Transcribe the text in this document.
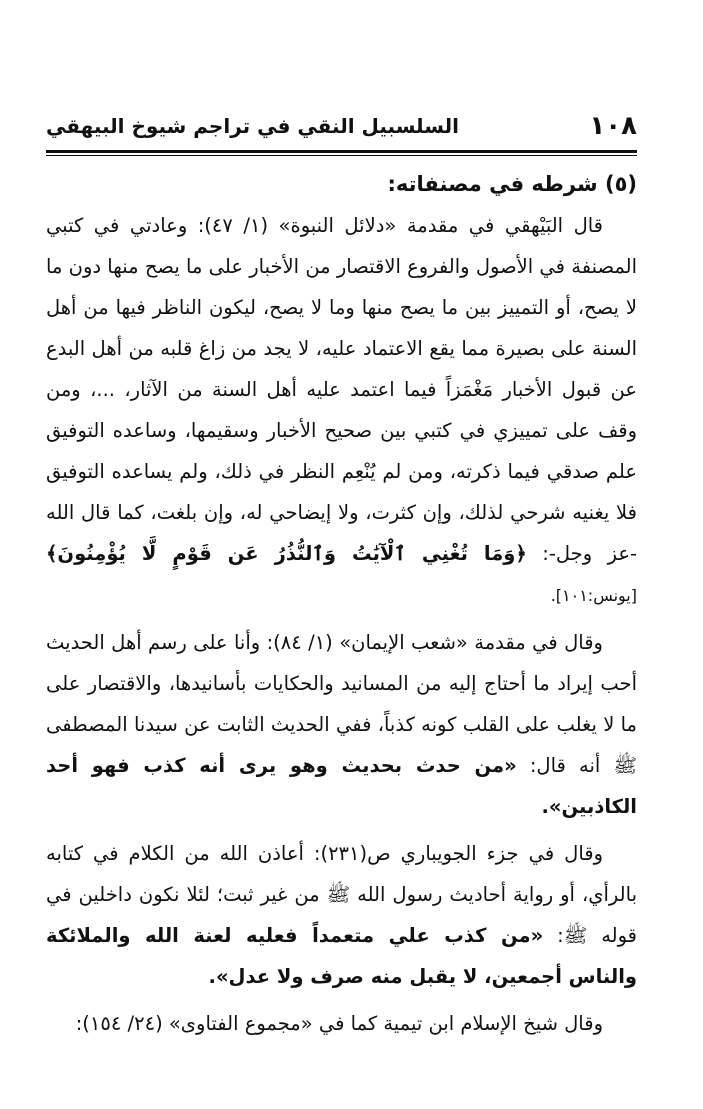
السلسبيل النقي في تراجم شيوخ البيهقي	١٠٨

(٥) شرطه في مصنفاته:

قال البَيْهقي في مقدمة «دلائل النبوة» (١/ ٤٧): وعادتي في كتبي المصنفة في الأصول والفروع الاقتصار من الأخبار على ما يصح منها دون ما لا يصح، أو التمييز بين ما يصح منها وما لا يصح، ليكون الناظر فيها من أهل السنة على بصيرة مما يقع الاعتماد عليه، لا يجد من زاغ قلبه من أهل البدع عن قبول الأخبار مَغْمَزاً فيما اعتمد عليه أهل السنة من الآثار، ...، ومن وقف على تمييزي في كتبي بين صحيح الأخبار وسقيمها، وساعده التوفيق علم صدقي فيما ذكرته، ومن لم يُنْعِم النظر في ذلك، ولم يساعده التوفيق فلا يغنيه شرحي لذلك، وإن كثرت، ولا إيضاحي له، وإن بلغت، كما قال الله -عز وجل-: ﴿وَمَا تُغْنِي ٱلْآيَٰتُ وَٱلنُّذُرُ عَن قَوْمٍ لَّا يُؤْمِنُونَ﴾ [يونس:١٠١].

وقال في مقدمة «شعب الإيمان» (١/ ٨٤): وأنا على رسم أهل الحديث أحب إيراد ما أحتاج إليه من المسانيد والحكايات بأسانيدها، والاقتصار على ما لا يغلب على القلب كونه كذباً، ففي الحديث الثابت عن سيدنا المصطفى ﷺ أنه قال: «من حدث بحديث وهو يرى أنه كذب فهو أحد الكاذبين».

وقال في جزء الجويباري ص(٢٣١): أعاذن الله من الكلام في كتابه بالرأي، أو رواية أحاديث رسول الله ﷺ من غير ثبت؛ لئلا نكون داخلين في قوله ﷺ: «من كذب علي متعمداً فعليه لعنة الله والملائكة والناس أجمعين، لا يقبل منه صرف ولا عدل».

وقال شيخ الإسلام ابن تيمية كما في «مجموع الفتاوى» (٢٤/ ١٥٤):
